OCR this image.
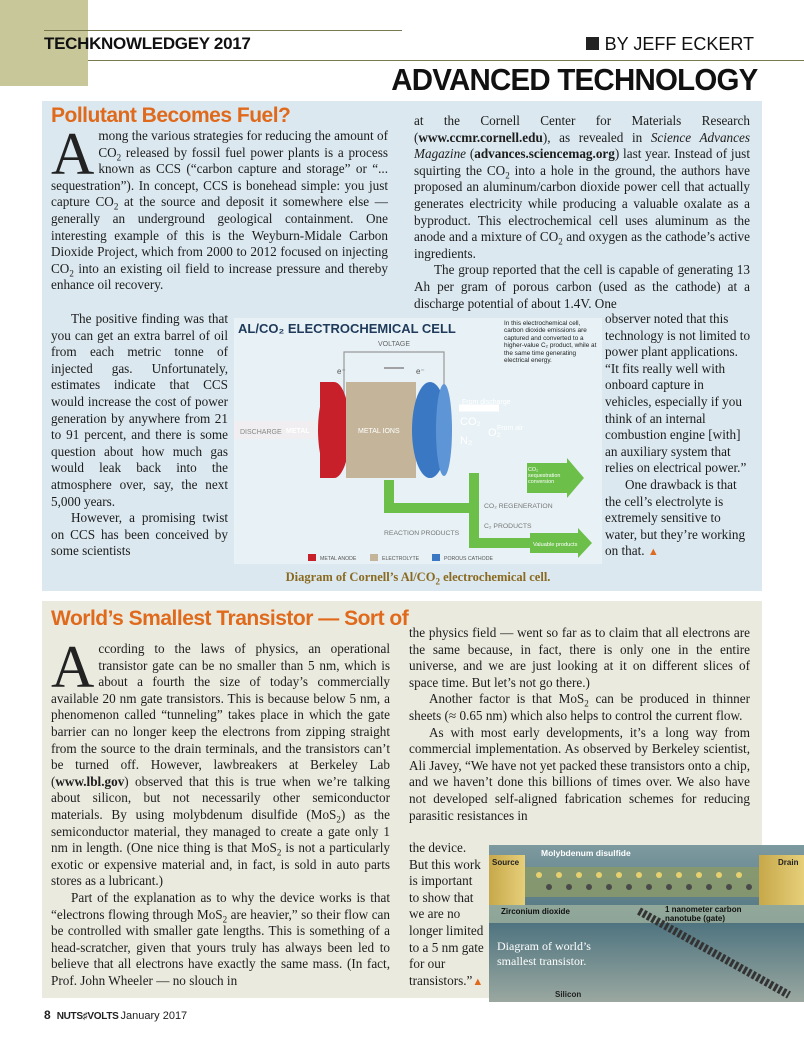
TECHKNOWLEDGEY 2017	BY JEFF ECKERT
ADVANCED TECHNOLOGY
Pollutant Becomes Fuel?

Among the various strategies for reducing the amount of $CO_2$ released by fossil fuel power plants is a process known as CCS (“carbon capture and storage” or “... sequestration”). In concept, CCS is bonehead simple: you just capture $CO_2$ at the source and deposit it somewhere else — generally an underground geological containment. One interesting example of this is the Weyburn-Midale Carbon Dioxide Project, which from 2000 to 2012 focused on injecting $CO_2$ into an existing oil field to increase pressure and thereby enhance oil recovery.

The positive finding was that you can get an extra barrel of oil from each metric tonne of injected gas. Unfortunately, estimates indicate that CCS would increase the cost of power generation by anywhere from 21 to 91 percent, and there is some question about how much gas would leak back into the atmosphere over, say, the next 5,000 years.

However, a promising twist on CCS has been conceived by some scientists

at the Cornell Center for Materials Research (www.ccmr.cornell.edu), as revealed in Science Advances Magazine (advances.sciencemag.org) last year. Instead of just squirting the $CO_2$ into a hole in the ground, the authors have proposed an aluminum/carbon dioxide power cell that actually generates electricity while producing a valuable oxalate as a byproduct. This electrochemical cell uses aluminum as the anode and a mixture of $CO_2$ and oxygen as the cathode’s active ingredients.

The group reported that the cell is capable of generating 13 Ah per gram of porous carbon (used as the cathode) at a discharge potential of about 1.4V. One

observer noted that this technology is not limited to power plant applications. “It fits really well with onboard capture in vehicles, especially if you think of an internal combustion engine [with] an auxiliary system that relies on electrical power.”

One drawback is that the cell’s electrolyte is extremely sensitive to water, but they’re working on that. ▲

AL/CO₂ ELECTROCHEMICAL CELL	In this electrochemical cell, carbon dioxide emissions are captured and converted to a higher-value C₂ product, while at the same time generating electrical energy.
VOLTAGE
e⁻	e⁻
DISCHARGE METAL	METAL IONS
From discharge
CO₂
N₂
O₂
From air
CO₂ sequestration conversion
CO₂ REGENERATION
C₂ PRODUCTS
Valuable products
REACTION PRODUCTS
METAL ANODE	ELECTROLYTE	POROUS CATHODE
Diagram of Cornell’s $Al/CO_2$ electrochemical cell.
World’s Smallest Transistor — Sort of

According to the laws of physics, an operational transistor gate can be no smaller than 5 nm, which is about a fourth the size of today’s commercially available 20 nm gate transistors. This is because below 5 nm, a phenomenon called “tunneling” takes place in which the gate barrier can no longer keep the electrons from zipping straight from the source to the drain terminals, and the transistors can’t be turned off. However, lawbreakers at Berkeley Lab (www.lbl.gov) observed that this is true when we’re talking about silicon, but not necessarily other semiconductor materials. By using molybdenum disulfide (MoS$_2$) as the semiconductor material, they managed to create a gate only 1 nm in length. (One nice thing is that MoS$_2$ is not a particularly exotic or expensive material and, in fact, is sold in auto parts stores as a lubricant.)

Part of the explanation as to why the device works is that “electrons flowing through MoS$_2$ are heavier,” so their flow can be controlled with smaller gate lengths. This is something of a head-scratcher, given that yours truly has always been led to believe that all electrons have exactly the same mass. (In fact, Prof. John Wheeler — no slouch in

the physics field — went so far as to claim that all electrons are the same because, in fact, there is only one in the entire universe, and we are just looking at it on different slices of space time. But let’s not go there.)

Another factor is that MoS$_2$ can be produced in thinner sheets (≈ 0.65 nm) which also helps to control the current flow.

As with most early developments, it’s a long way from commercial implementation. As observed by Berkeley scientist, Ali Javey, “We have not yet packed these transistors onto a chip, and we haven’t done this billions of times over. We also have not developed self-aligned fabrication schemes for reducing parasitic resistances in

the device. But this work is important to show that we are no longer limited to a 5 nm gate for our transistors.”▲

Molybdenum disulfide
Source	Drain
Zirconium dioxide	1 nanometer carbon nanotube (gate)
Diagram of world’s smallest transistor.
Silicon
8 NUTS♯VOLTS January 2017
